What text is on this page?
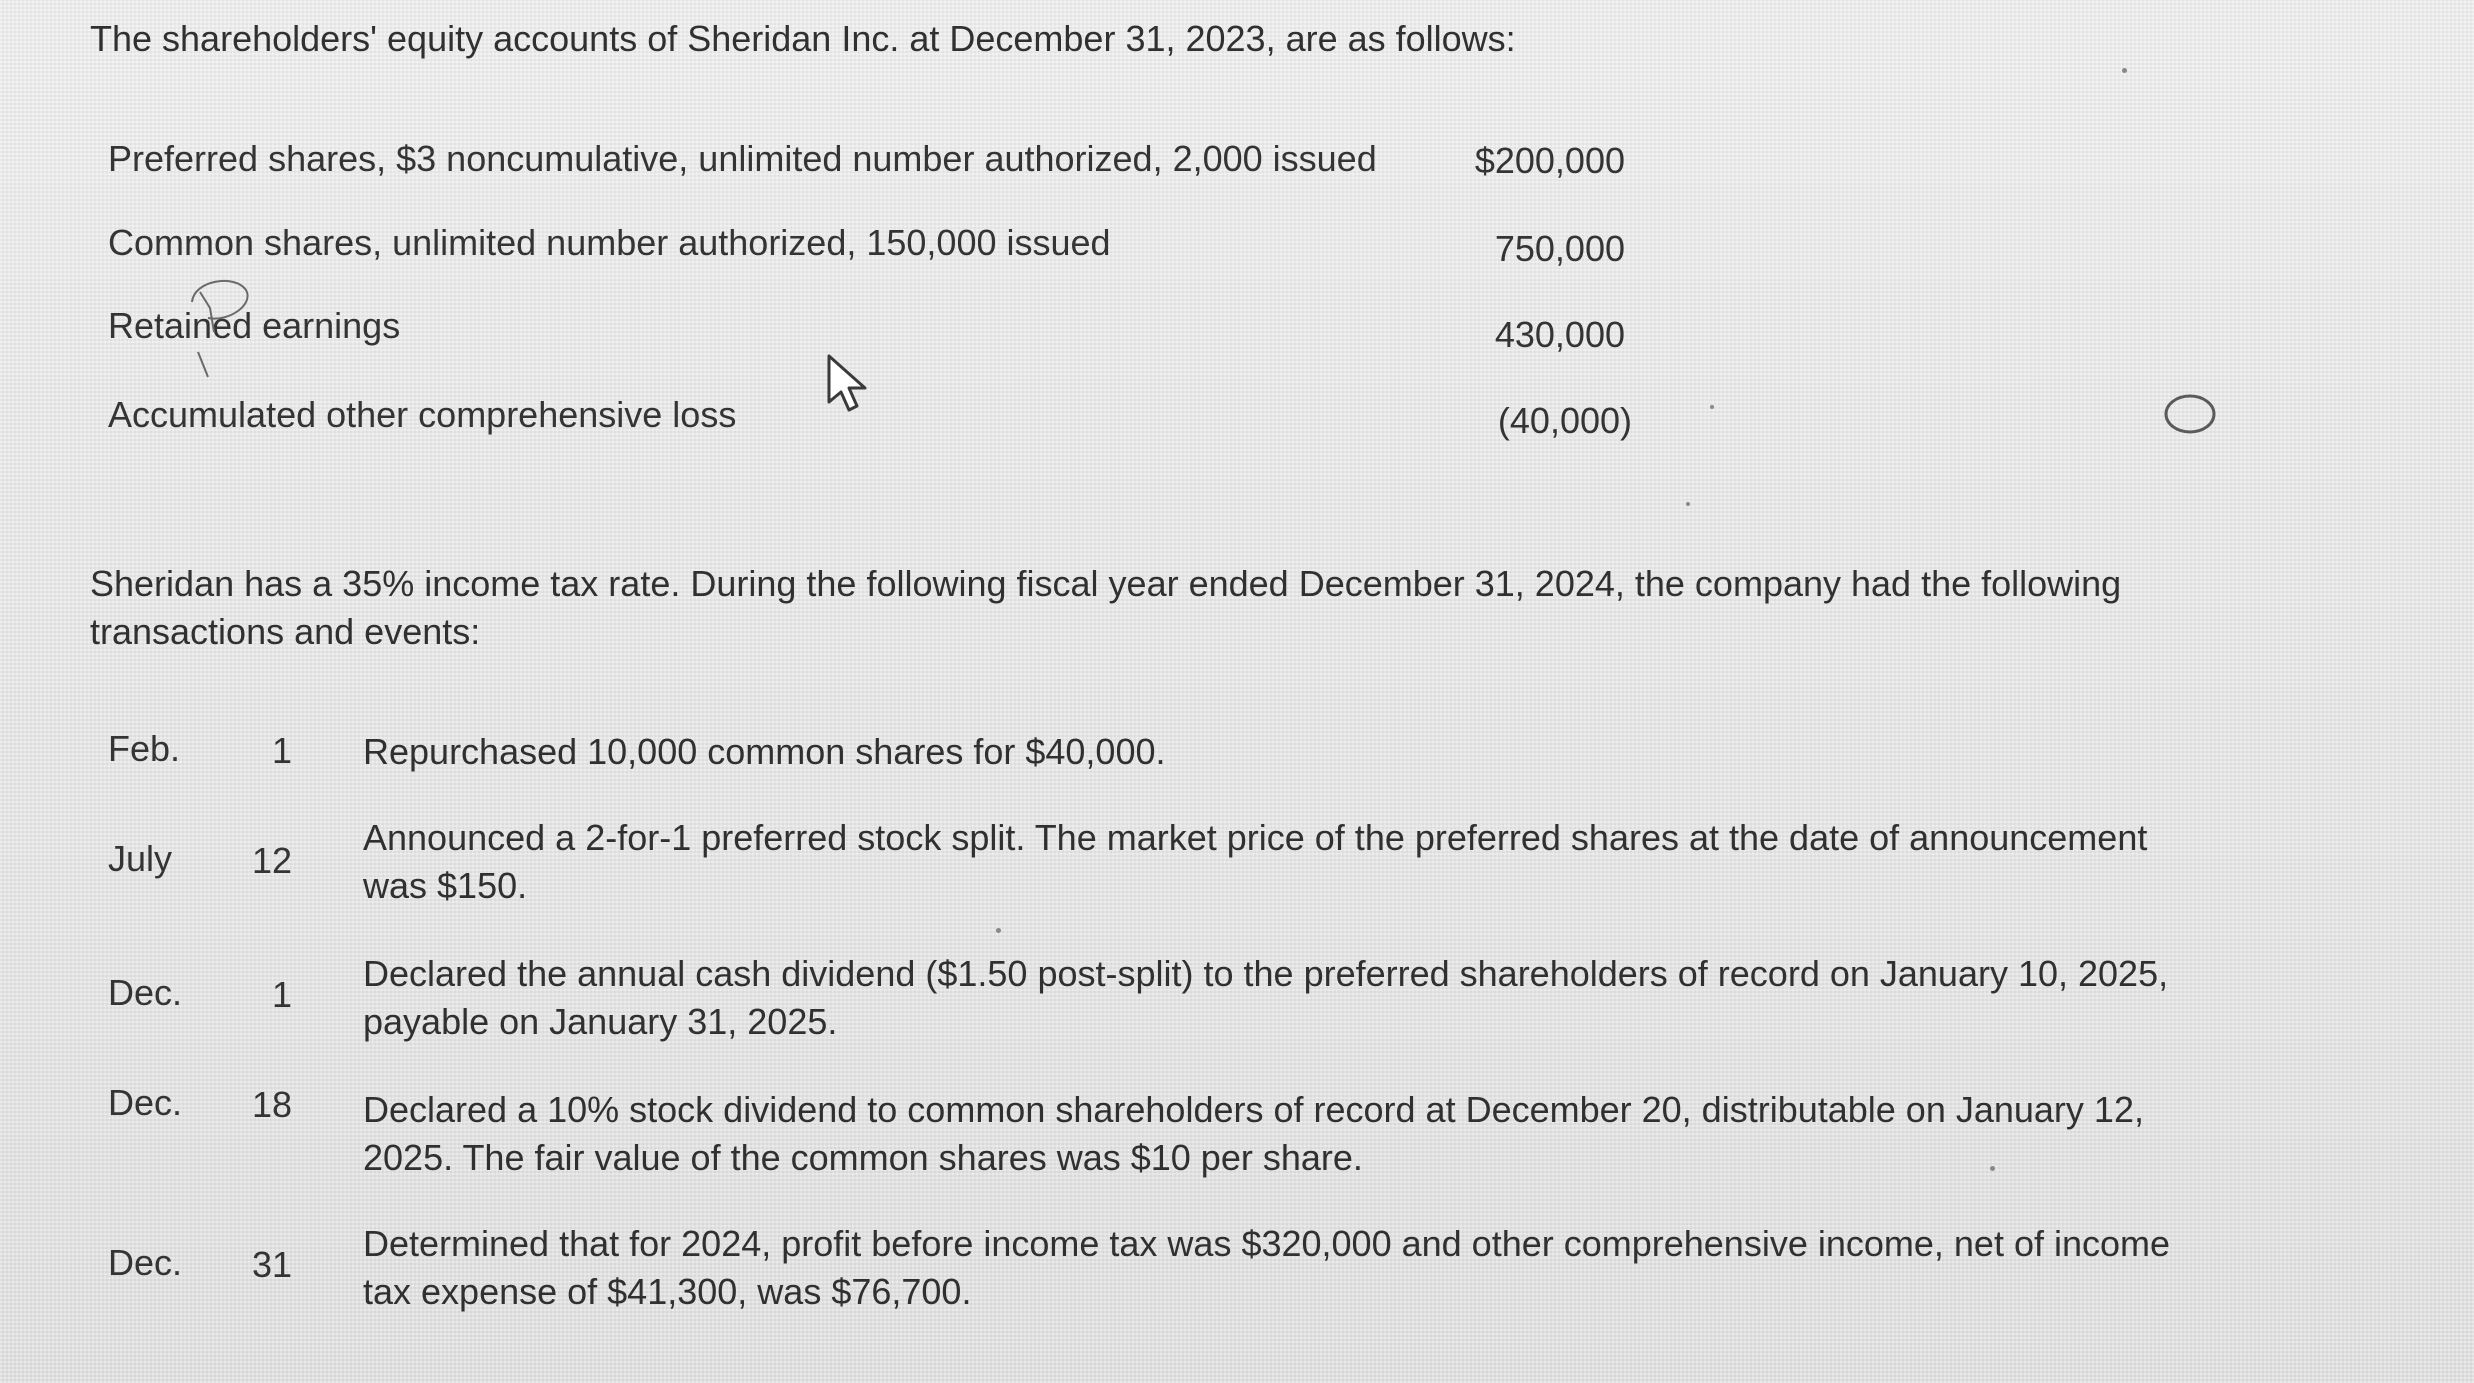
The shareholders' equity accounts of Sheridan Inc. at December 31, 2023, are as follows:
Preferred shares, $3 noncumulative, unlimited number authorized, 2,000 issued	$200,000
Common shares, unlimited number authorized, 150,000 issued	750,000
Retained earnings	430,000
Accumulated other comprehensive loss	(40,000)
Sheridan has a 35% income tax rate. During the following fiscal year ended December 31, 2024, the company had the following transactions and events:
Feb.	1 Repurchased 10,000 common shares for $40,000.
July	12
Announced a 2-for-1 preferred stock split. The market price of the preferred shares at the date of announcement was $150.
Dec.	1
Declared the annual cash dividend ($1.50 post-split) to the preferred shareholders of record on January 10, 2025, payable on January 31, 2025.
Dec.	18 Declared a 10% stock dividend to common shareholders of record at December 20, distributable on January 12, 2025. The fair value of the common shares was $10 per share.
Dec.	31
Determined that for 2024, profit before income tax was $320,000 and other comprehensive income, net of income tax expense of $41,300, was $76,700.
